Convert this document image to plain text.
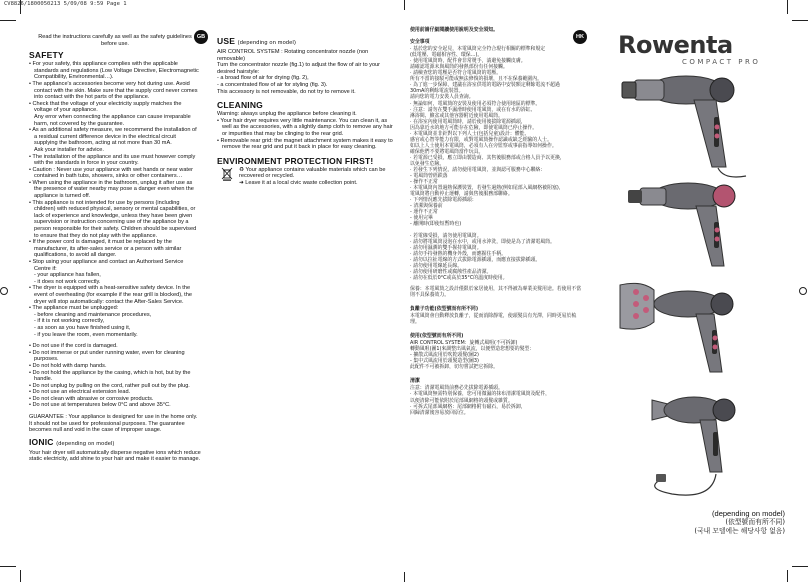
CV8826/1800050213 5/09/08 9:59 Page 1
GB	HK

Read the instructions carefully as well as the safety guidelines before use.

SAFETY

• For your safety, this appliance complies with the applicable standards and regulations (Low Voltage Directive, Electromagnetic Compatibility, Environmental…).

• The appliance's accessories become very hot during use. Avoid contact with the skin. Make sure that the supply cord never comes into contact with the hot parts of the appliance.

• Check that the voltage of your electricity supply matches the voltage of your appliance.

Any error when connecting the appliance can cause irreparable harm, not covered by the guarantee.

• As an additional safety measure, we recommend the installation of a residual current difference device in the electrical circuit supplying the bathroom, acting at not more than 30 mA.

Ask your installer for advice.

• The installation of the appliance and its use must however comply with the standards in force in your country.

• Caution : Never use your appliance with wet hands or near water contained in bath tubs, showers, sinks or other containers…

• When using the appliance in the bathroom, unplug it after use as the presence of water nearby may pose a danger even when the appliance is turned off.

• This appliance is not intended for use by persons (including children) with reduced physical, sensory or mental capabilities, or lack of experience and knowledge, unless they have been given supervision or instruction concerning use of the appliance by a person responsible for their safety. Children should be supervised to ensure that they do not play with the appliance.

• If the power cord is damaged, it must be replaced by the manufacturer, its after-sales service or a person with similar qualifications, to avoid all danger.

• Stop using your appliance and contact an Authorised Service Centre if:

- your appliance has fallen,

- it does not work correctly.

• The dryer is equipped with a heat-sensitive safety device. In the event of overheating (for example if the rear grill is blocked), the dryer will stop automatically: contact the After-Sales Service.

• The appliance must be unplugged:

- before cleaning and maintenance procedures,

- if it is not working correctly,

- as soon as you have finished using it,

- if you leave the room, even momentarily.

• Do not use if the cord is damaged.

• Do not immerse or put under running water, even for cleaning purposes.

• Do not hold with damp hands.

• Do not hold the appliance by the casing, which is hot, but by the handle.

• Do not unplug by pulling on the cord, rather pull out by the plug.

• Do not use an electrical extension lead.

• Do not clean with abrasive or corrosive products.

• Do not use at temperatures below 0°C and above 35°C.

GUARANTEE : Your appliance is designed for use in the home only. It should not be used for professional purposes. The guarantee becomes null and void in the case of improper usage.

IONIC (depending on model)

Your hair dryer will automatically disperse negative ions which reduce static electricity, add shine to your hair and make it easier to manage.

USE (depending on model)

AIR CONTROL SYSTEM : Rotating concentrator nozzle (non removable)

Turn the concentrator nozzle (fig.1) to adjust the flow of air to your desired hairstyle:

- a broad flow of air for drying (fig. 2),

- a concentrated flow of air for styling (fig. 3).

This accessory is not removable, do not try to remove it.

CLEANING

Warning: always unplug the appliance before cleaning it.

• Your hair dryer requires very little maintenance. You can clean it, as well as the accessories, with a slightly damp cloth to remove any hair or impurities that may be clinging to the rear grid.

• Removable rear grid: the magnet attachment system makes it easy to remove the rear grid and put it back in place for easy cleaning.

ENVIRONMENT PROTECTION FIRST!

♻ Your appliance contains valuable materials which can be recovered or recycled.

➜ Leave it at a local civic waste collection point.

使用前請仔細閱讀使用說明及安全須知。
安全事項

‧ 基於您的安全起見，本電風筒完全符合現行相關的標準和規定

(低電壓、電磁相容性、環保…)。

‧ 使用電風筒時，配件會非常燙手，請避免接觸皮膚。

請確認電源未與風筒的發熱部份有任何接觸。

‧ 請檢查您的電壓是否符合電風筒的電壓。

所有不當的接駁可能或無法修復的損壞，且不在保養範圍內。

‧ 為了進一步保障，建議在浴室供電的電路中安裝額定剩餘電流不超過

30mA的剩餘電流裝置。

請向您的電力安裝人員查詢。

‧ 無論如何，電風筒的安裝及使用必須符合使用地區的標準。

‧ 注意：請勿在雙手濕滑時使用電風筒，或在有水的浴缸、

淋浴間、臉盆或其他容器附近使用電風筒。

‧ 在浴室內使用電風筒時，請於使用後拔除電源插頭，

因為靠近水的地方可能存在危險，即使電風筒已停止操作。

‧ 本電風筒並非針對以下列人士(包括兒童)設計：體能、

感官或心智等能力有限，或對電風筒操作認識或缺乏經驗的人士。

如以上人士使用本電風筒，必須有人在旁監察或事前指導如何操作。

確保他們不要將電風筒當作玩具。

‧ 若電源已受損，應立即由製造商、其售後服務部或合格人員予以更換，

以免發生危險。

‧ 若發生下列情況，請勿使用電風筒，並與認可服務中心聯絡：

- 電風筒曾經跌落

- 操作不正常

‧ 本電風筒內置過熱保護裝置，若發生過熱(例如尾部入風網格被阻塞)，

電風筒將自動停止運轉，請與售後服務部聯絡。

‧ 下列情況應先拔除電源插頭：

- 清潔與保養前

- 運作不正常

- 使用完畢

- 離開時(即使短暫時也)

‧ 若電線受損，請勿使用電風筒。

‧ 請勿將電風筒浸泡在水中，或用水沖洗，即使是為了清潔電風筒。

‧ 請勿用濕潤的雙手握持電風筒。

‧ 請勿手持發熱的機身外殼，而應握住手柄。

‧ 請勿以拉扯電線的方式拔除電源插頭，而應直接拔除插頭。

‧ 請勿使用電線延長線。

‧ 請勿使用研磨性或腐蝕性產品清潔。

‧ 請勿在低於0°C或高於35°C的溫度時使用。

保養：本電風筒之設計僅限於家居使用，其不得被為專業美髮用途。若使用不當則不具保養效力。

負離子功能(依型號而有所不同)

本電風筒會自動釋放負離子，從而消除靜電，使頭髮具有光澤，同時更易於梳理。

使用(依型號而有所不同)

AIR CONTROL SYSTEM：旋轉式風咀(不可拆卸)

轉動風咀(圖1)來調整出風氣流，以便塑造您想要的髮型：

- 擴散式風流用於吹乾頭髮(圖2)

- 集中式風流用於頭髮造型(圖3)

此配件不可被拆卸，切勿嘗試把它拆除。

清潔

注意：清潔電風筒前務必先拔除電源插頭。

‧ 本電風筒無需特別保養，您可用微濕的抹布清潔電風筒及配件，

以便清除可能依附於尾部風網格的頭髮或雜質。

‧ 可拆式尾部風網格：尾部網格附有磁石，易於拆卸，

回歸清潔後容易放回原位。

Rowenta
COMPACT PRO
(depending on model)
(依型號而有所不同)
(국내 모델에는 해당사항 없음)
